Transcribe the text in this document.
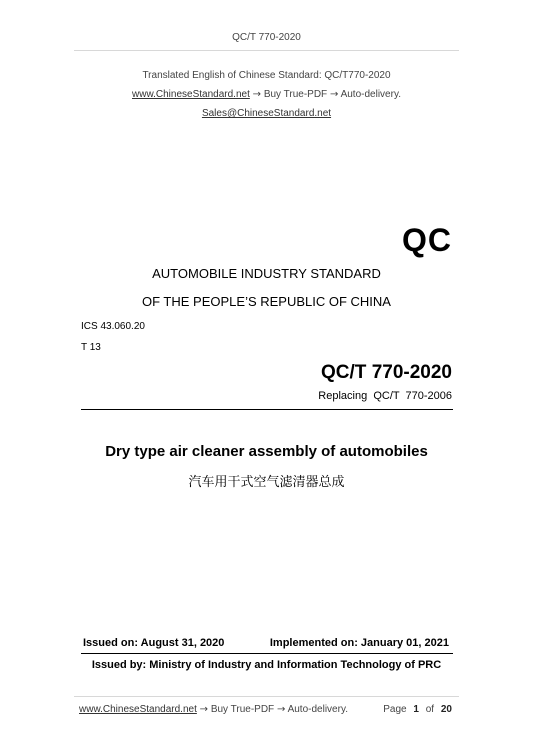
QC/T 770-2020
Translated English of Chinese Standard: QC/T770-2020
www.ChineseStandard.net → Buy True-PDF → Auto-delivery.
Sales@ChineseStandard.net
QC
AUTOMOBILE INDUSTRY STANDARD
OF THE PEOPLE’S REPUBLIC OF CHINA
ICS 43.060.20
T 13
QC/T 770-2020
Replacing  QC/T  770-2006
Dry type air cleaner assembly of automobiles
汽车用干式空气滤清器总成
Issued on: August 31, 2020	Implemented on: January 01, 2021
Issued by: Ministry of Industry and Information Technology of PRC
www.ChineseStandard.net → Buy True-PDF → Auto-delivery.	Page 1 of 20
